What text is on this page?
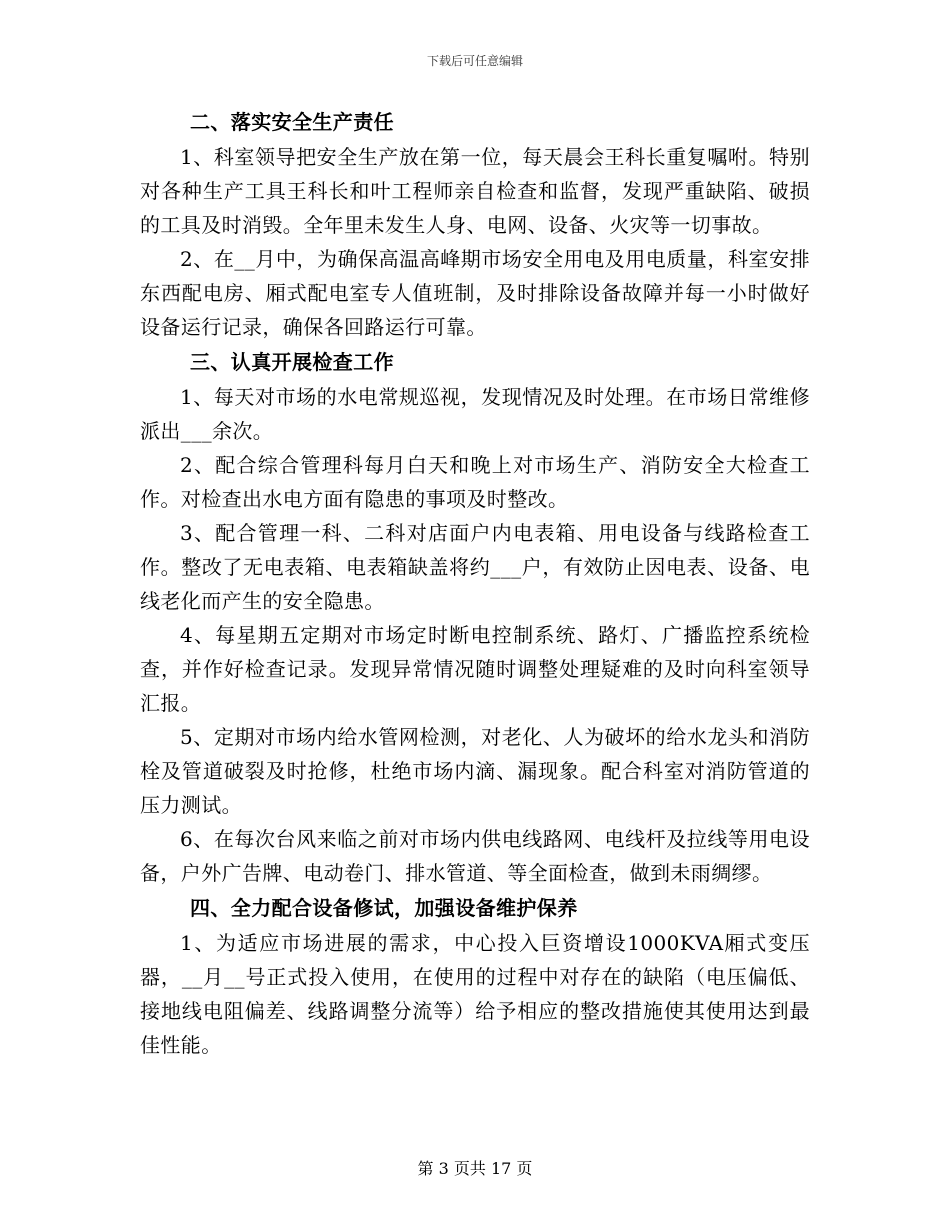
下载后可任意编辑

二、落实安全生产责任

1、科室领导把安全生产放在第一位，每天晨会王科长重复嘱咐。特别对各种生产工具王科长和叶工程师亲自检查和监督，发现严重缺陷、破损的工具及时消毁。全年里未发生人身、电网、设备、火灾等一切事故。

2、在__月中，为确保高温高峰期市场安全用电及用电质量，科室安排东西配电房、厢式配电室专人值班制，及时排除设备故障并每一小时做好设备运行记录，确保各回路运行可靠。

三、认真开展检查工作

1、每天对市场的水电常规巡视，发现情况及时处理。在市场日常维修派出___余次。

2、配合综合管理科每月白天和晚上对市场生产、消防安全大检查工作。对检查出水电方面有隐患的事项及时整改。

3、配合管理一科、二科对店面户内电表箱、用电设备与线路检查工作。整改了无电表箱、电表箱缺盖将约___户，有效防止因电表、设备、电线老化而产生的安全隐患。

4、每星期五定期对市场定时断电控制系统、路灯、广播监控系统检查，并作好检查记录。发现异常情况随时调整处理疑难的及时向科室领导汇报。

5、定期对市场内给水管网检测，对老化、人为破坏的给水龙头和消防栓及管道破裂及时抢修，杜绝市场内滴、漏现象。配合科室对消防管道的压力测试。

6、在每次台风来临之前对市场内供电线路网、电线杆及拉线等用电设备，户外广告牌、电动卷门、排水管道、等全面检查，做到未雨绸缪。

四、全力配合设备修试，加强设备维护保养

1、为适应市场进展的需求，中心投入巨资增设1000KVA厢式变压器，__月__号正式投入使用，在使用的过程中对存在的缺陷（电压偏低、接地线电阻偏差、线路调整分流等）给予相应的整改措施使其使用达到最佳性能。

第 3 页共 17 页
